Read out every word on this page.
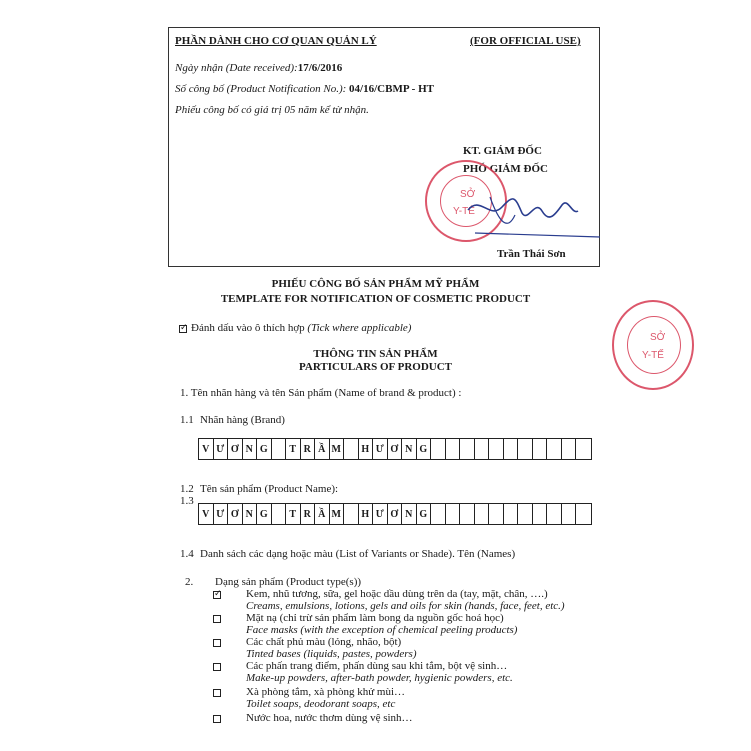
PHẦN DÀNH CHO CƠ QUAN QUẢN LÝ	(FOR OFFICIAL USE)
Ngày nhận (Date received):17/6/2016
Số công bố (Product Notification No.): 04/16/CBMP - HT
Phiếu công bố có giá trị 05 năm kể từ nhận.
KT. GIÁM ĐỐC
PHÓ GIÁM ĐỐC
SỞ
Y-TẾ
Trần Thái Sơn
SỞ
Y-TẾ
PHIẾU CÔNG BỐ SẢN PHẨM MỸ PHẨM
TEMPLATE FOR NOTIFICATION OF COSMETIC PRODUCT
✓
Đánh dấu vào ô thích hợp (Tick where applicable)
THÔNG TIN SẢN PHẨM
PARTICULARS OF PRODUCT
1. Tên nhãn hàng và tên Sản phẩm (Name of brand & product) :
1.1 Nhãn hàng (Brand)
V Ư Ơ N G	T R Ầ M	H Ư Ơ N G
1.2 Tên sản phẩm (Product Name):
1.3
V Ư Ơ N G	T R Ầ M	H Ư Ơ N G
1.4 Danh sách các dạng hoặc màu (List of Variants or Shade). Tên (Names)
2. Dạng sản phẩm (Product type(s))
✓
Kem, nhũ tương, sữa, gel hoặc dầu dùng trên da (tay, mặt, chân, ….)
Creams, emulsions, lotions, gels and oils for skin (hands, face, feet, etc.)
Mặt nạ (chỉ trừ sản phẩm làm bong da nguồn gốc hoá học)
Face masks (with the exception of chemical peeling products)
Các chất phủ màu (lỏng, nhão, bột)
Tinted bases (liquids, pastes, powders)
Các phấn trang điểm, phấn dùng sau khi tắm, bột vệ sinh…
Make-up powders, after-bath powder, hygienic powders, etc.
Xà phòng tắm, xà phòng khử mùi…
Toilet soaps, deodorant soaps, etc
Nước hoa, nước thơm dùng vệ sinh…
